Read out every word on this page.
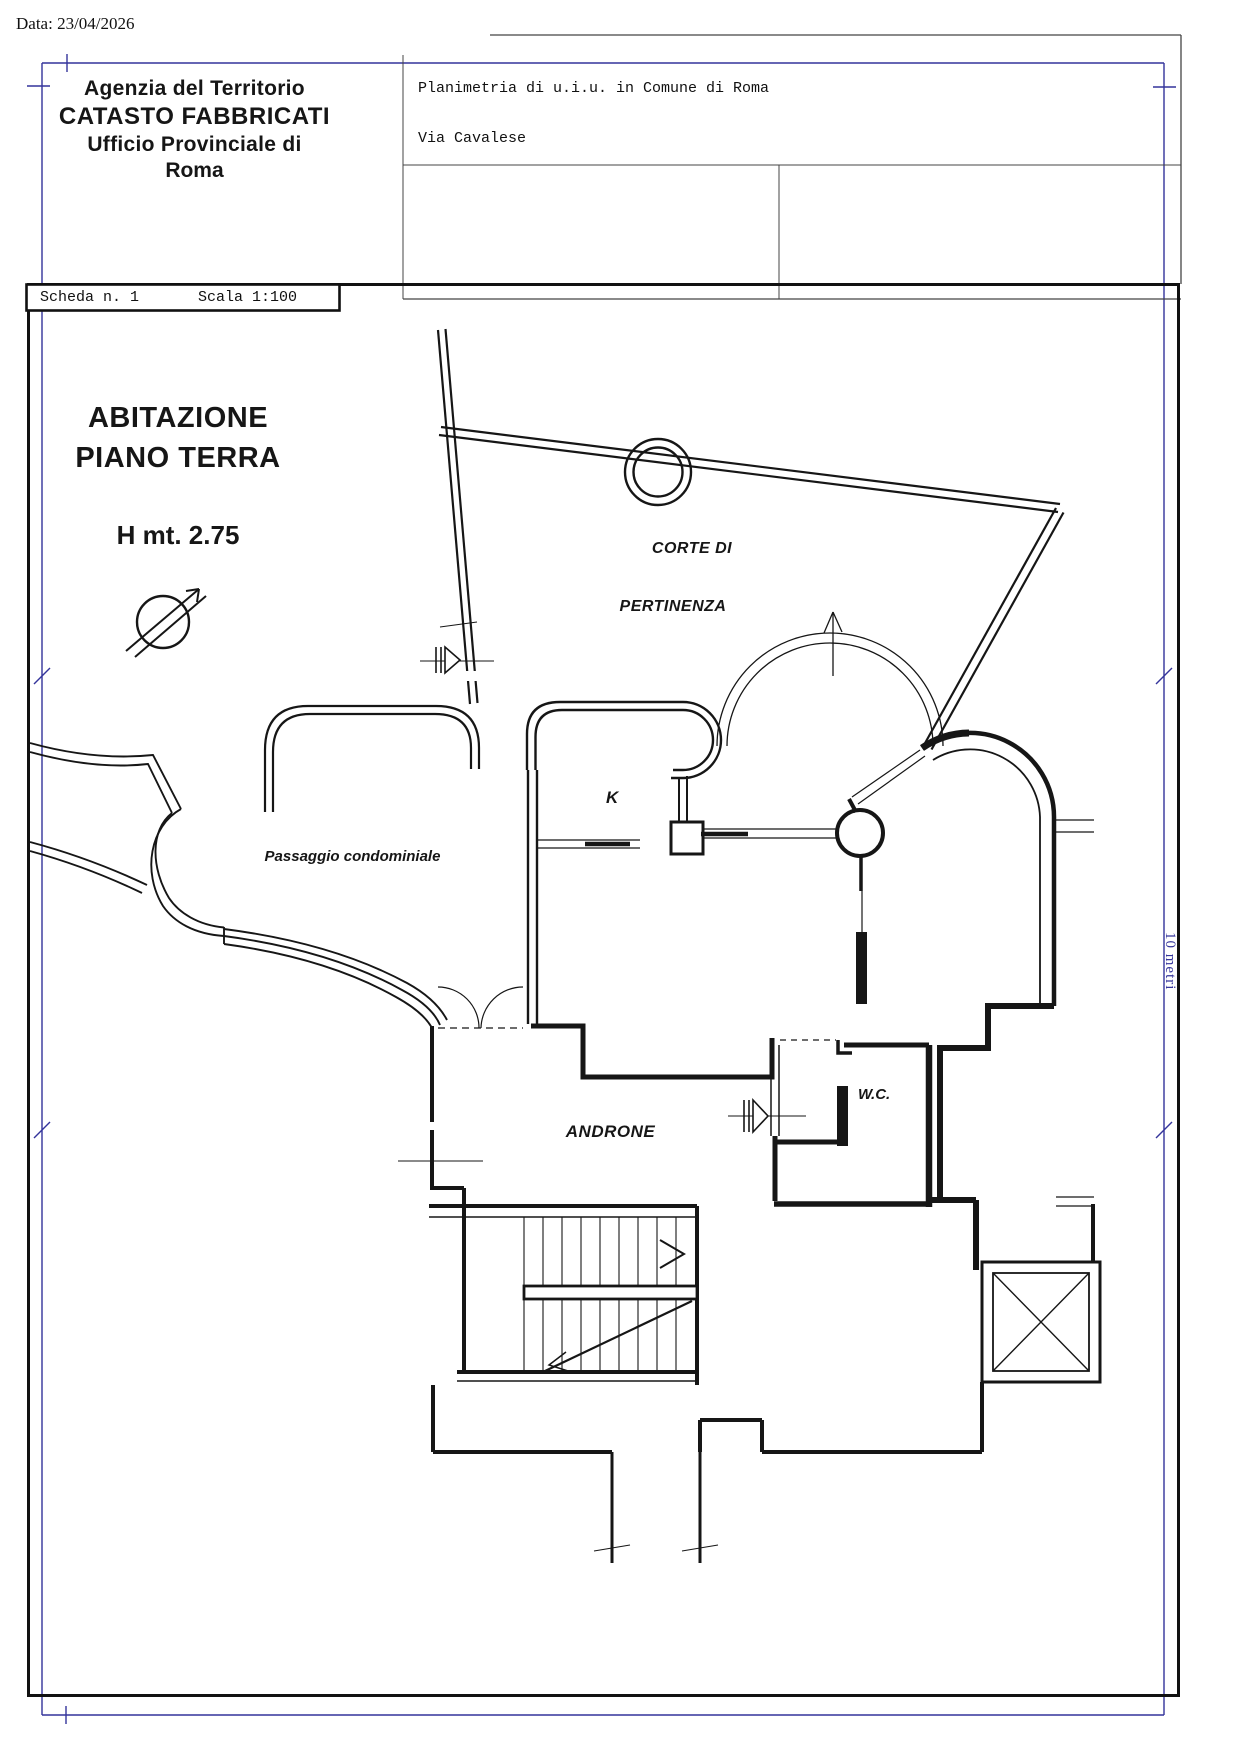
Data: 23/04/2026
Agenzia del Territorio
CATASTO FABBRICATI
Ufficio Provinciale di
Roma
Planimetria di u.i.u. in Comune di Roma
Via Cavalese
Scheda n. 1	Scala 1:100
ABITAZIONE
PIANO TERRA
H mt. 2.75	CORTE DI
PERTINENZA
Passaggio condominiale
K
ANDRONE
W.C.
10 metri
